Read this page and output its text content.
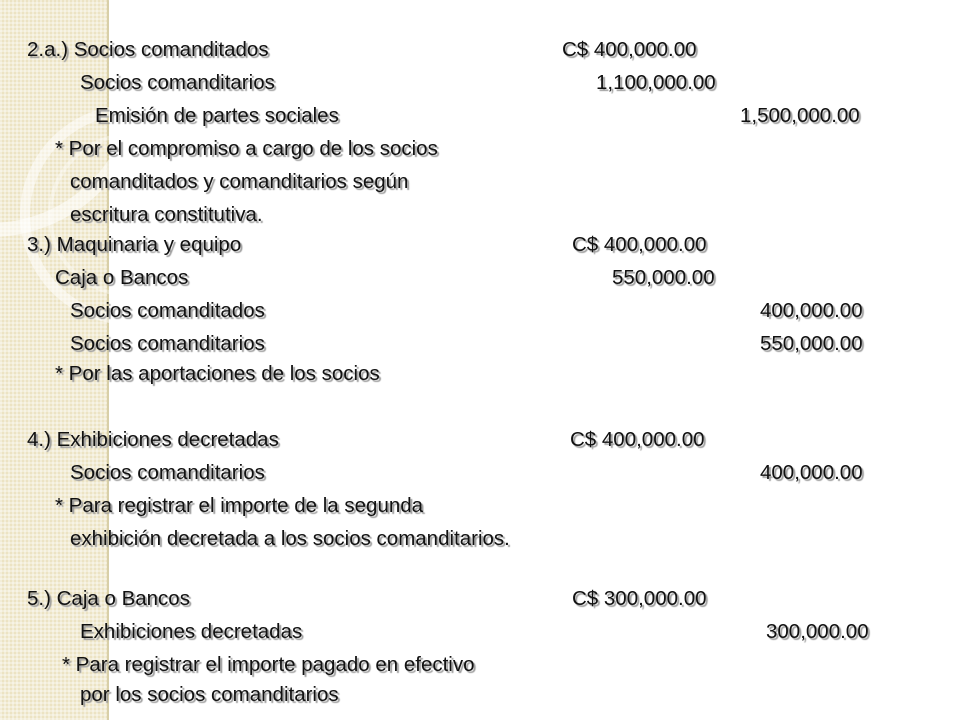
2.a.) Socios comanditados	C$ 400,000.00
Socios comanditarios	1,100,000.00
Emisión de partes sociales	1,500,000.00
* Por el compromiso a cargo de los socios
comanditados y comanditarios según
escritura constitutiva.
3.) Maquinaria y equipo	C$ 400,000.00
Caja o Bancos	550,000.00
Socios comanditados	400,000.00
Socios comanditarios	550,000.00
* Por las aportaciones de los socios
4.) Exhibiciones decretadas	C$ 400,000.00
Socios comanditarios	400,000.00
* Para registrar el importe de la segunda
exhibición decretada a los socios comanditarios.
5.) Caja o Bancos	C$ 300,000.00
Exhibiciones decretadas	300,000.00
* Para registrar el importe pagado en efectivo
por los socios comanditarios
